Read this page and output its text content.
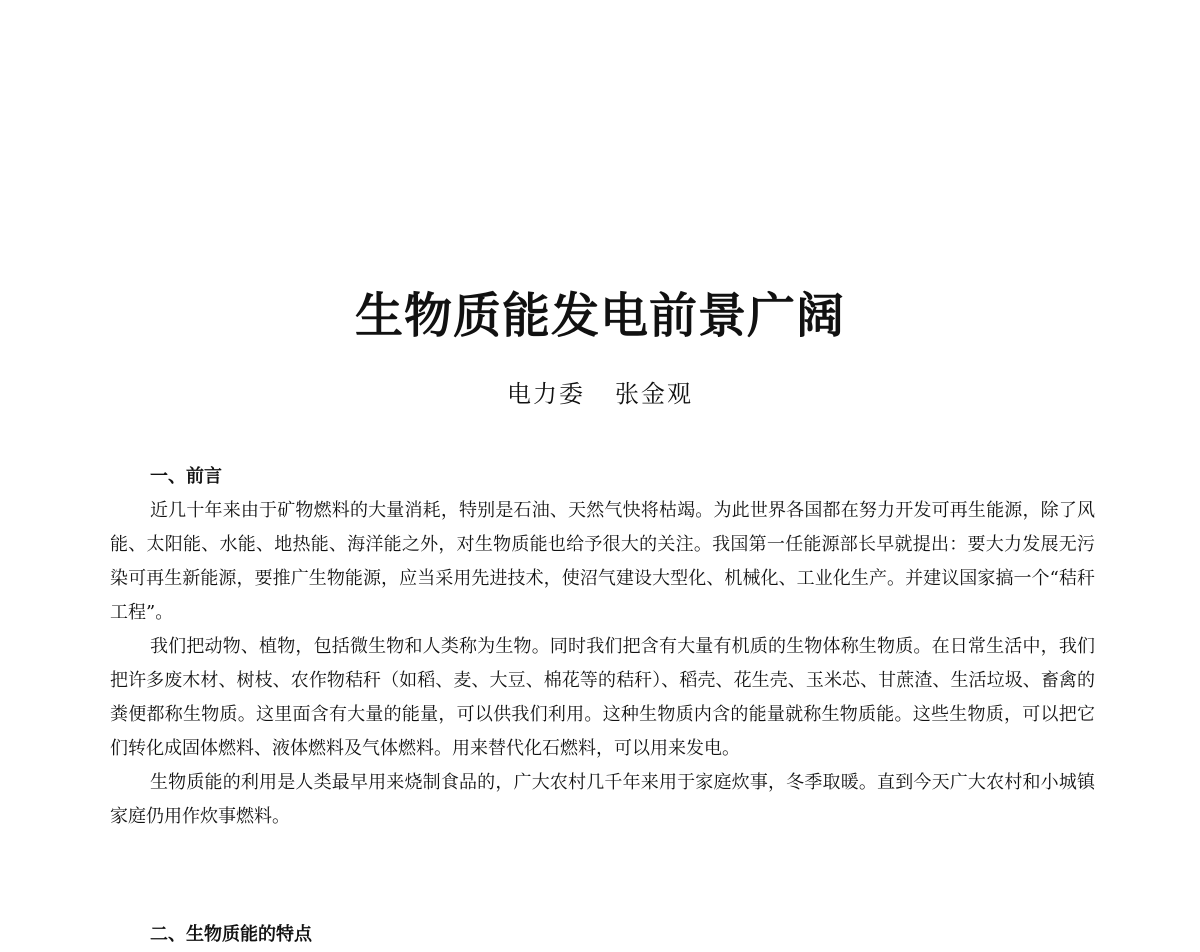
生物质能发电前景广阔
电力委 张金观
一、前言

近几十年来由于矿物燃料的大量消耗，特别是石油、天然气快将枯竭。为此世界各国都在努力开发可再生能源，除了风能、太阳能、水能、地热能、海洋能之外，对生物质能也给予很大的关注。我国第一任能源部长早就提出：要大力发展无污染可再生新能源，要推广生物能源，应当采用先进技术，使沼气建设大型化、机械化、工业化生产。并建议国家搞一个“秸秆工程”。

我们把动物、植物，包括微生物和人类称为生物。同时我们把含有大量有机质的生物体称生物质。在日常生活中，我们把许多废木材、树枝、农作物秸秆（如稻、麦、大豆、棉花等的秸秆）、稻壳、花生壳、玉米芯、甘蔗渣、生活垃圾、畜禽的粪便都称生物质。这里面含有大量的能量，可以供我们利用。这种生物质内含的能量就称生物质能。这些生物质，可以把它们转化成固体燃料、液体燃料及气体燃料。用来替代化石燃料，可以用来发电。

生物质能的利用是人类最早用来烧制食品的，广大农村几千年来用于家庭炊事，冬季取暖。直到今天广大农村和小城镇家庭仍用作炊事燃料。

二、生物质能的特点
